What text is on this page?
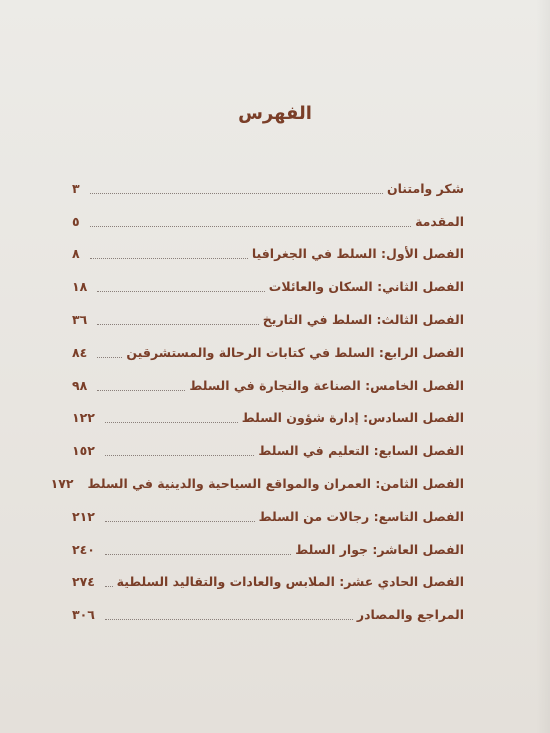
الفهرس
شكر وامتنان
٣
المقدمة
٥
الفصل الأول: السلط في الجغرافيا
٨
الفصل الثاني: السكان والعائلات
١٨
الفصل الثالث: السلط في التاريخ
٣٦
الفصل الرابع: السلط في كتابات الرحالة والمستشرقين
٨٤
الفصل الخامس: الصناعة والتجارة في السلط
٩٨
الفصل السادس: إدارة شؤون السلط
١٢٢
الفصل السابع: التعليم في السلط
١٥٢
الفصل الثامن: العمران والمواقع السياحية والدينية في السلط
١٧٢
الفصل التاسع: رجالات من السلط
٢١٢
الفصل العاشر: جوار السلط
٢٤٠
الفصل الحادي عشر: الملابس والعادات والتقاليد السلطية
٢٧٤
المراجع والمصادر
٣٠٦
